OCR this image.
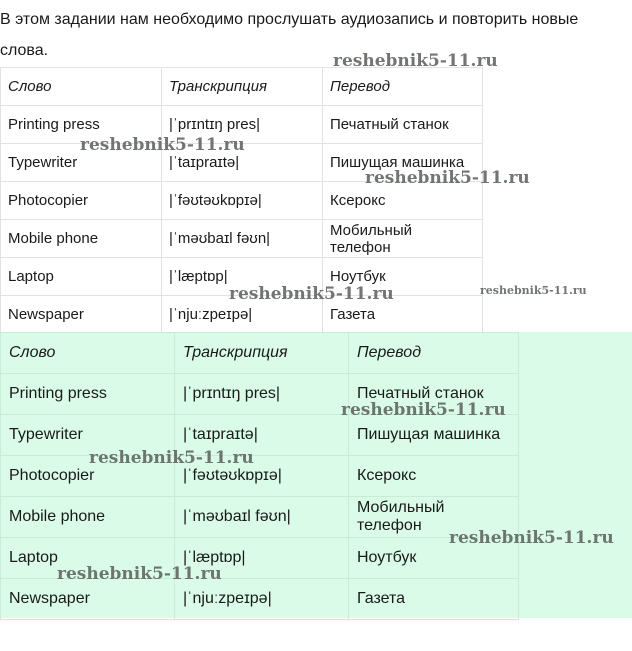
В этом задании нам необходимо прослушать аудиозапись и повторить новые слова.
Слово	Транскрипция	Перевод
Printing press	|ˈprɪntɪŋ pres|	Печатный станок
Typewriter	|ˈtaɪpraɪtə|	Пишущая машинка
Photocopier	|ˈfəʊtəʊkɒpɪə|	Ксерокс
Mobile phone	|ˈməʊbaɪl fəʊn|	Мобильный телефон
Laptop	|ˈlæptɒp|	Ноутбук
Newspaper	|ˈnjuːzpeɪpə|	Газета
Слово	Транскрипция	Перевод
Printing press	|ˈprɪntɪŋ pres|	Печатный станок
Typewriter	|ˈtaɪpraɪtə|	Пишущая машинка
Photocopier	|ˈfəʊtəʊkɒpɪə|	Ксерокс
Mobile phone	|ˈməʊbaɪl fəʊn|	Мобильный телефон
Laptop	|ˈlæptɒp|	Ноутбук
Newspaper	|ˈnjuːzpeɪpə|	Газета
reshebnik5-11.ru
reshebnik5-11.ru
reshebnik5-11.ru
reshebnik5-11.ru	reshebnik5-11.ru
reshebnik5-11.ru
reshebnik5-11.ru
reshebnik5-11.ru
reshebnik5-11.ru
